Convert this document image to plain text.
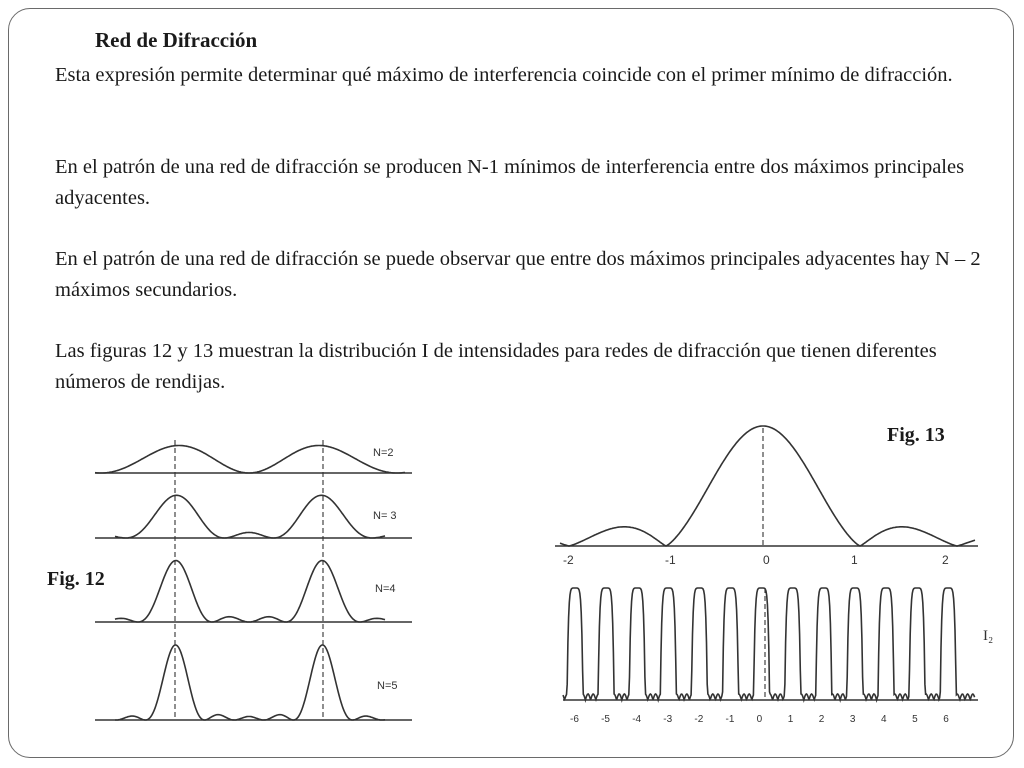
Red de Difracción

Esta expresión permite determinar qué máximo de interferencia coincide con el primer mínimo de difracción.

En el patrón de una red de difracción se producen N-1 mínimos de interferencia entre dos máximos principales adyacentes.

En el patrón de una red de difracción se puede observar que entre dos máximos principales adyacentes hay N – 2 máximos secundarios.

Las figuras 12 y 13 muestran la distribución I de intensidades para redes de difracción que tienen diferentes números de rendijas.

Fig. 12
Fig. 13
N=2
N= 3
N=4
N=5
-2	-1	0	1	2
I₂
-6 -5 -4 -3 -2 -1 0	1	2	3	4	5	6
